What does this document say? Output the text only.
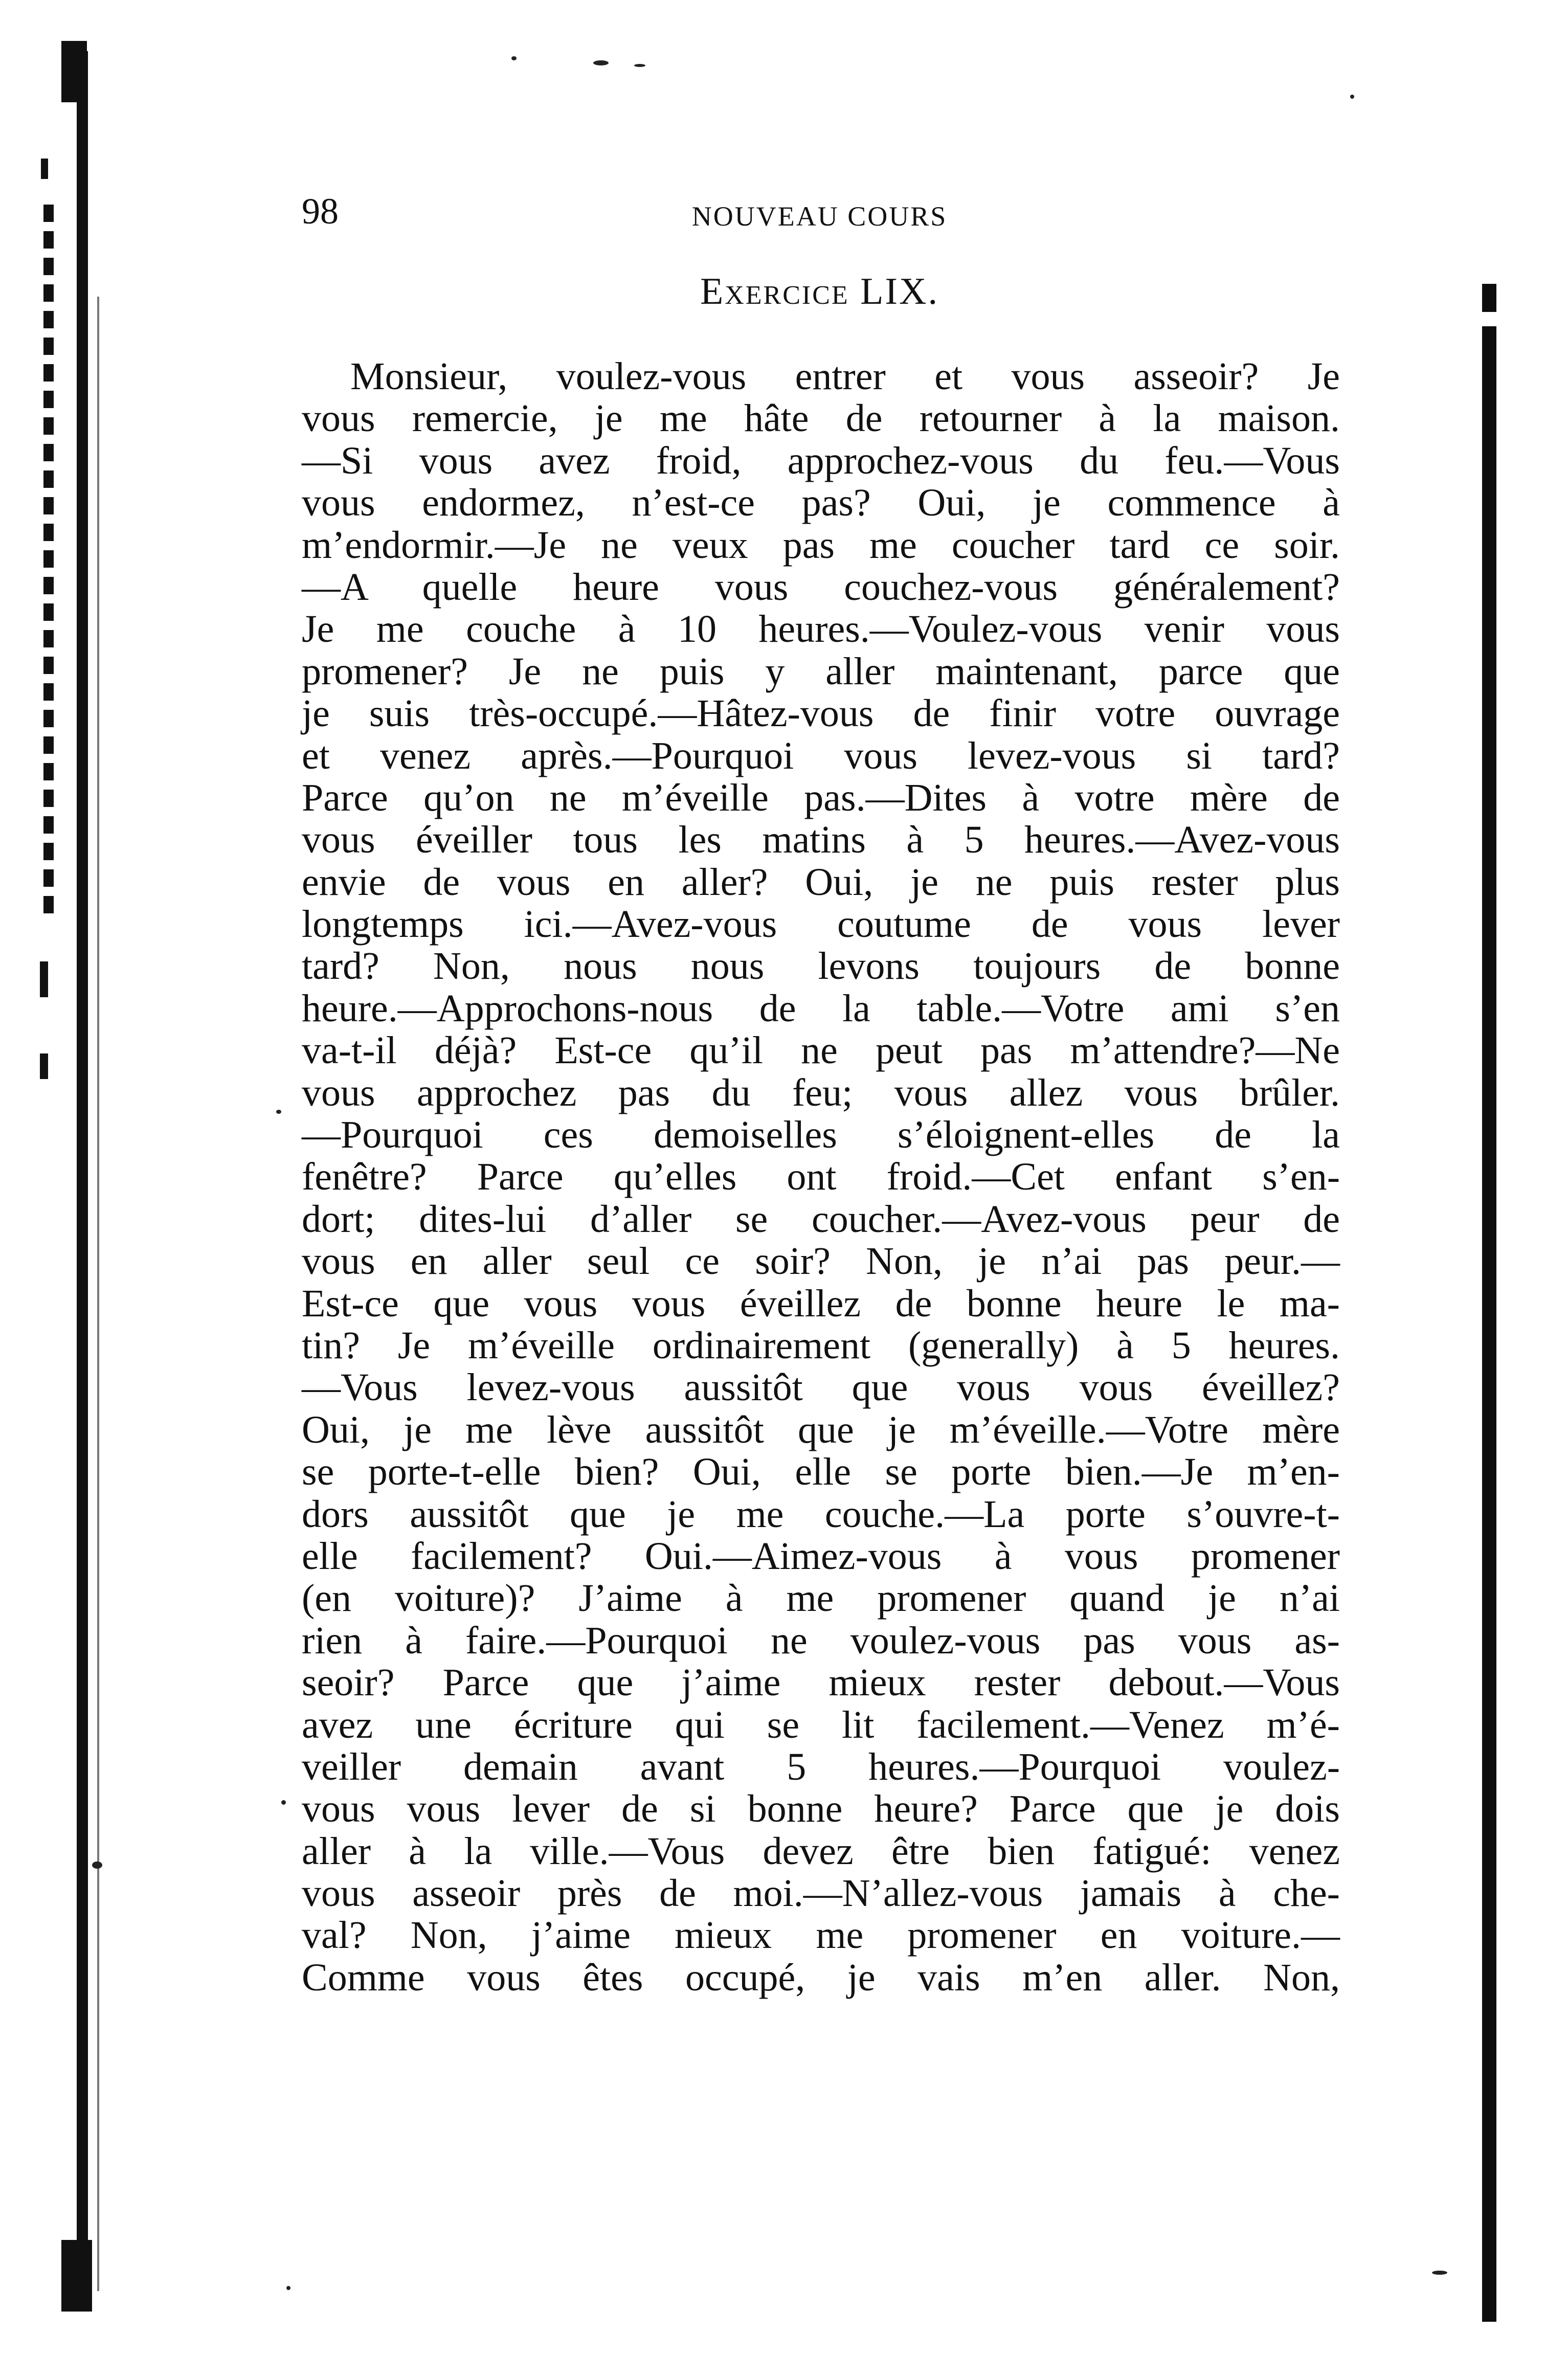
98	NOUVEAU COURS
Exercice LIX.
Monsieur, voulez-vous entrer et vous asseoir? Je
vous remercie, je me hâte de retourner à la maison.
—Si vous avez froid, approchez-vous du feu.—Vous
vous endormez, n’est-ce pas? Oui, je commence à
m’endormir.—Je ne veux pas me coucher tard ce soir.
—A quelle heure vous couchez-vous généralement?
Je me couche à 10 heures.—Voulez-vous venir vous
promener? Je ne puis y aller maintenant, parce que
je suis très-occupé.—Hâtez-vous de finir votre ouvrage
et venez après.—Pourquoi vous levez-vous si tard?
Parce qu’on ne m’éveille pas.—Dites à votre mère de
vous éveiller tous les matins à 5 heures.—Avez-vous
envie de vous en aller? Oui, je ne puis rester plus
longtemps ici.—Avez-vous coutume de vous lever
tard? Non, nous nous levons toujours de bonne
heure.—Approchons-nous de la table.—Votre ami s’en
va-t-il déjà? Est-ce qu’il ne peut pas m’attendre?—Ne
vous approchez pas du feu; vous allez vous brûler.
—Pourquoi ces demoiselles s’éloignent-elles de la
fenêtre? Parce qu’elles ont froid.—Cet enfant s’en-
dort; dites-lui d’aller se coucher.—Avez-vous peur de
vous en aller seul ce soir? Non, je n’ai pas peur.—
Est-ce que vous vous éveillez de bonne heure le ma-
tin? Je m’éveille ordinairement (generally) à 5 heures.
—Vous levez-vous aussitôt que vous vous éveillez?
Oui, je me lève aussitôt que je m’éveille.—Votre mère
se porte-t-elle bien? Oui, elle se porte bien.—Je m’en-
dors aussitôt que je me couche.—La porte s’ouvre-t-
elle facilement? Oui.—Aimez-vous à vous promener
(en voiture)? J’aime à me promener quand je n’ai
rien à faire.—Pourquoi ne voulez-vous pas vous as-
seoir? Parce que j’aime mieux rester debout.—Vous
avez une écriture qui se lit facilement.—Venez m’é-
veiller demain avant 5 heures.—Pourquoi voulez-
vous vous lever de si bonne heure? Parce que je dois
aller à la ville.—Vous devez être bien fatigué: venez
vous asseoir près de moi.—N’allez-vous jamais à che-
val? Non, j’aime mieux me promener en voiture.—
Comme vous êtes occupé, je vais m’en aller. Non,
